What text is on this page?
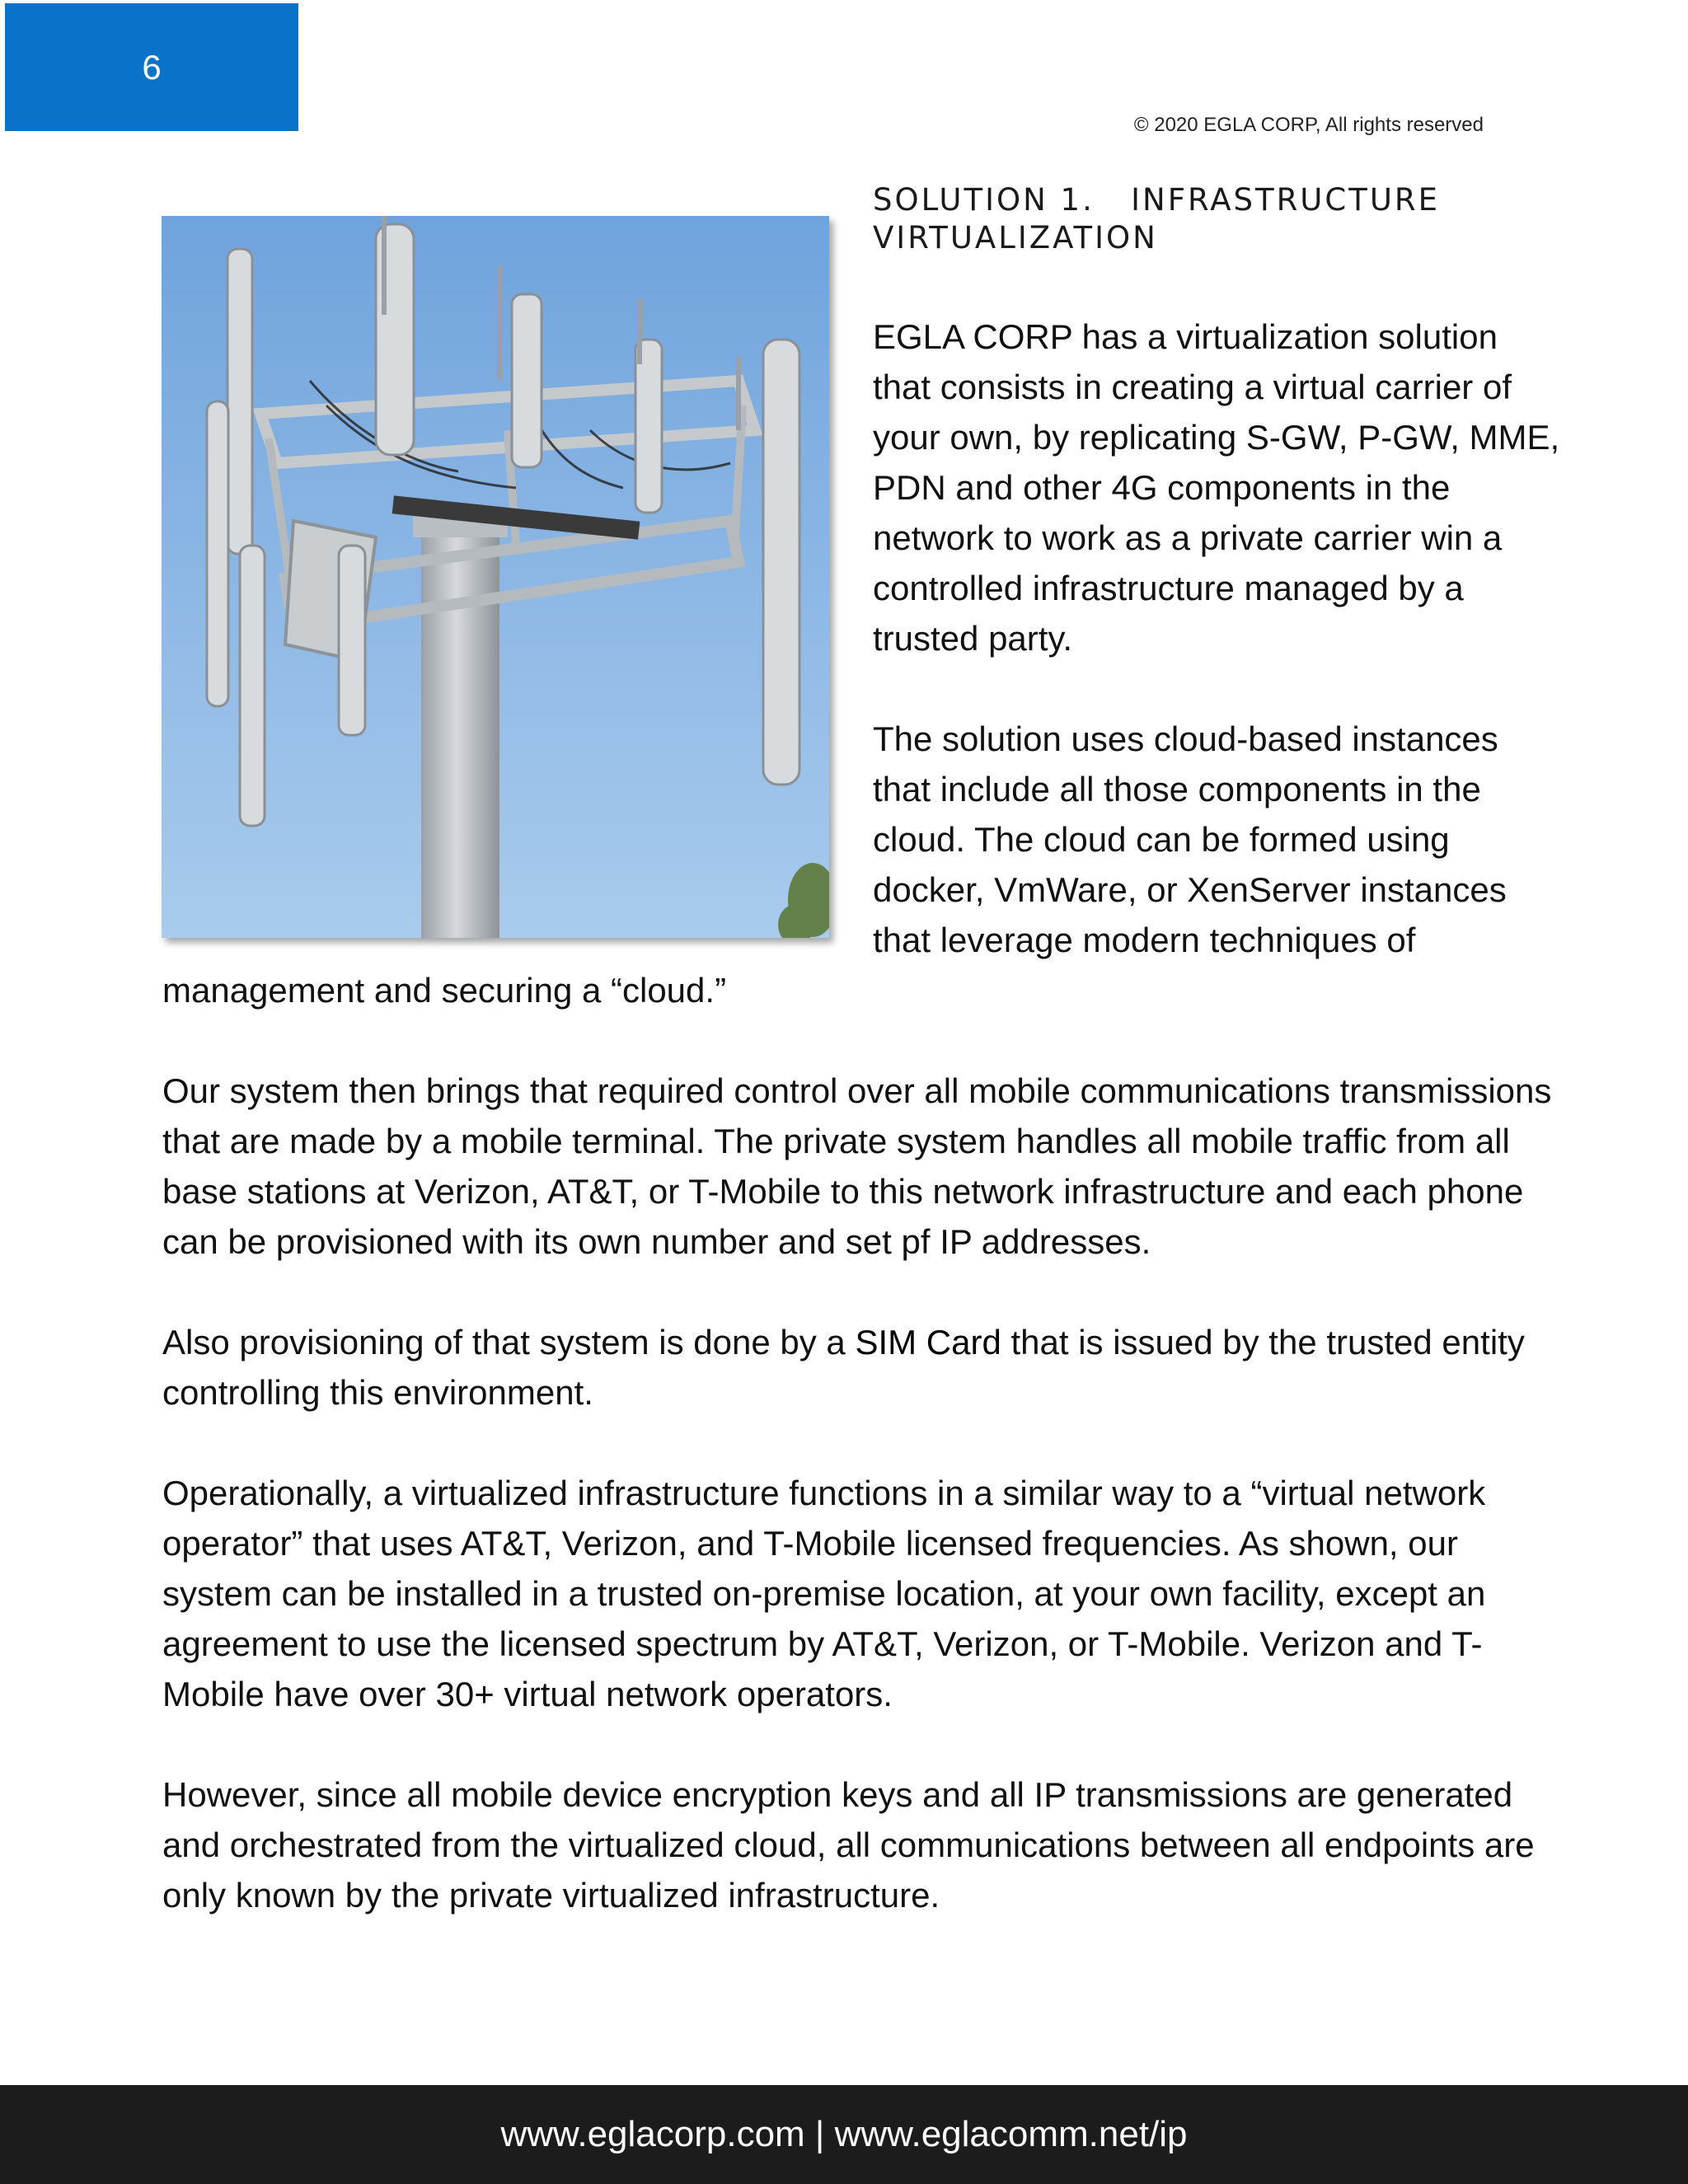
6
© 2020 EGLA CORP, All rights reserved
SOLUTION 1.   INFRASTRUCTURE
VIRTUALIZATION

EGLA CORP has a virtualization solution that consists in creating a virtual carrier of your own, by replicating S-GW, P-GW, MME, PDN and other 4G components in the network to work as a private carrier win a controlled infrastructure managed by a trusted party.

The solution uses cloud-based instances that include all those components in the cloud. The cloud can be formed using docker, VmWare, or XenServer instances that leverage modern techniques of management and securing a “cloud.”

Our system then brings that required control over all mobile communications transmissions that are made by a mobile terminal. The private system handles all mobile traffic from all base stations at Verizon, AT&T, or T-Mobile to this network infrastructure and each phone can be provisioned with its own number and set pf IP addresses.

Also provisioning of that system is done by a SIM Card that is issued by the trusted entity controlling this environment.

Operationally, a virtualized infrastructure functions in a similar way to a “virtual network operator” that uses AT&T, Verizon, and T-Mobile licensed frequencies. As shown, our system can be installed in a trusted on-premise location, at your own facility, except an agreement to use the licensed spectrum by AT&T, Verizon, or T-Mobile. Verizon and T-Mobile have over 30+ virtual network operators.

However, since all mobile device encryption keys and all IP transmissions are generated and orchestrated from the virtualized cloud, all communications between all endpoints are only known by the private virtualized infrastructure.

www.eglacorp.com | www.eglacomm.net/ip
